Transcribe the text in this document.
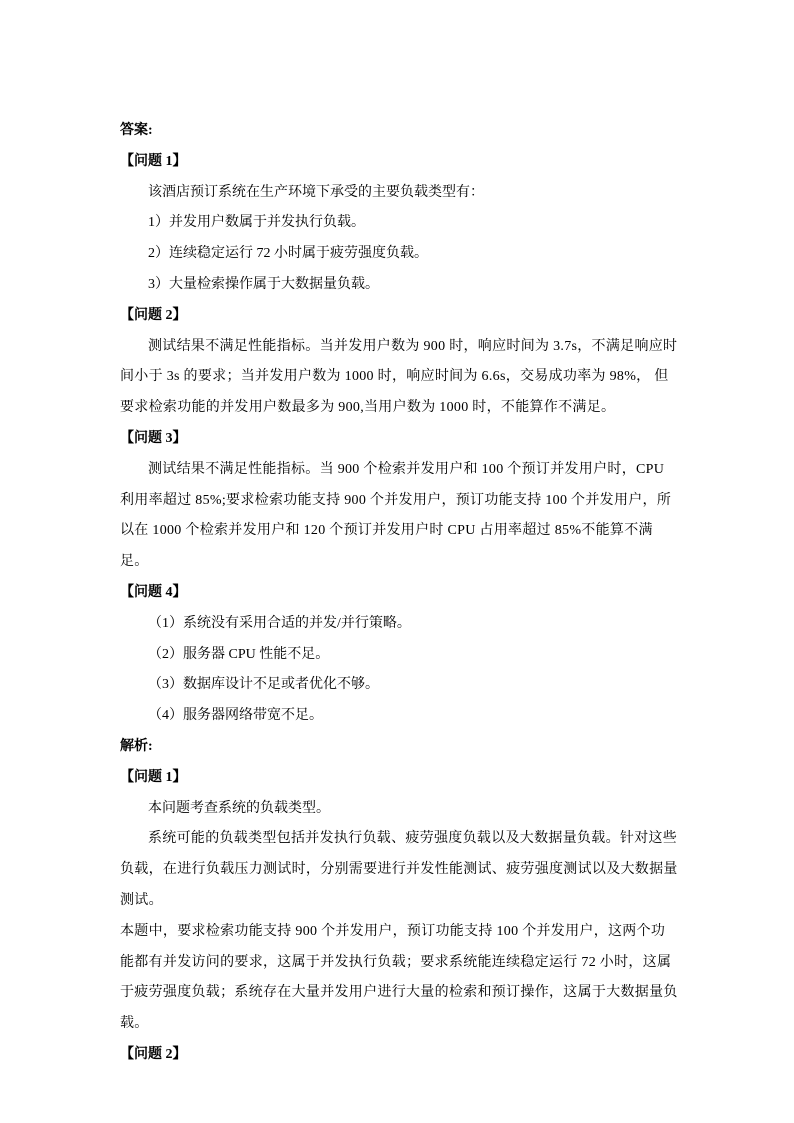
答案:

【问题 1】

该酒店预订系统在生产环境下承受的主要负载类型有：

1）并发用户数属于并发执行负载。

2）连续稳定运行 72 小时属于疲劳强度负载。

3）大量检索操作属于大数据量负载。

【问题 2】

测试结果不满足性能指标。当并发用户数为 900 时，响应时间为 3.7s，不满足响应时间小于 3s 的要求；当并发用户数为 1000 时，响应时间为 6.6s，交易成功率为 98%， 但要求检索功能的并发用户数最多为 900,当用户数为 1000 时，不能算作不满足。

【问题 3】

测试结果不满足性能指标。当 900 个检索并发用户和 100 个预订并发用户时，CPU 利用率超过 85%;要求检索功能支持 900 个并发用户，预订功能支持 100 个并发用户，所以在 1000 个检索并发用户和 120 个预订并发用户时 CPU 占用率超过 85%不能算不满足。

【问题 4】

（1）系统没有采用合适的并发/并行策略。

（2）服务器 CPU 性能不足。

（3）数据库设计不足或者优化不够。

（4）服务器网络带宽不足。

解析:

【问题 1】

本问题考查系统的负载类型。

系统可能的负载类型包括并发执行负载、疲劳强度负载以及大数据量负载。针对这些负载，在进行负载压力测试时，分别需要进行并发性能测试、疲劳强度测试以及大数据量测试。

本题中，要求检索功能支持 900 个并发用户，预订功能支持 100 个并发用户，这两个功能都有并发访问的要求，这属于并发执行负载；要求系统能连续稳定运行 72 小时，这属于疲劳强度负载；系统存在大量并发用户进行大量的检索和预订操作，这属于大数据量负载。

【问题 2】
